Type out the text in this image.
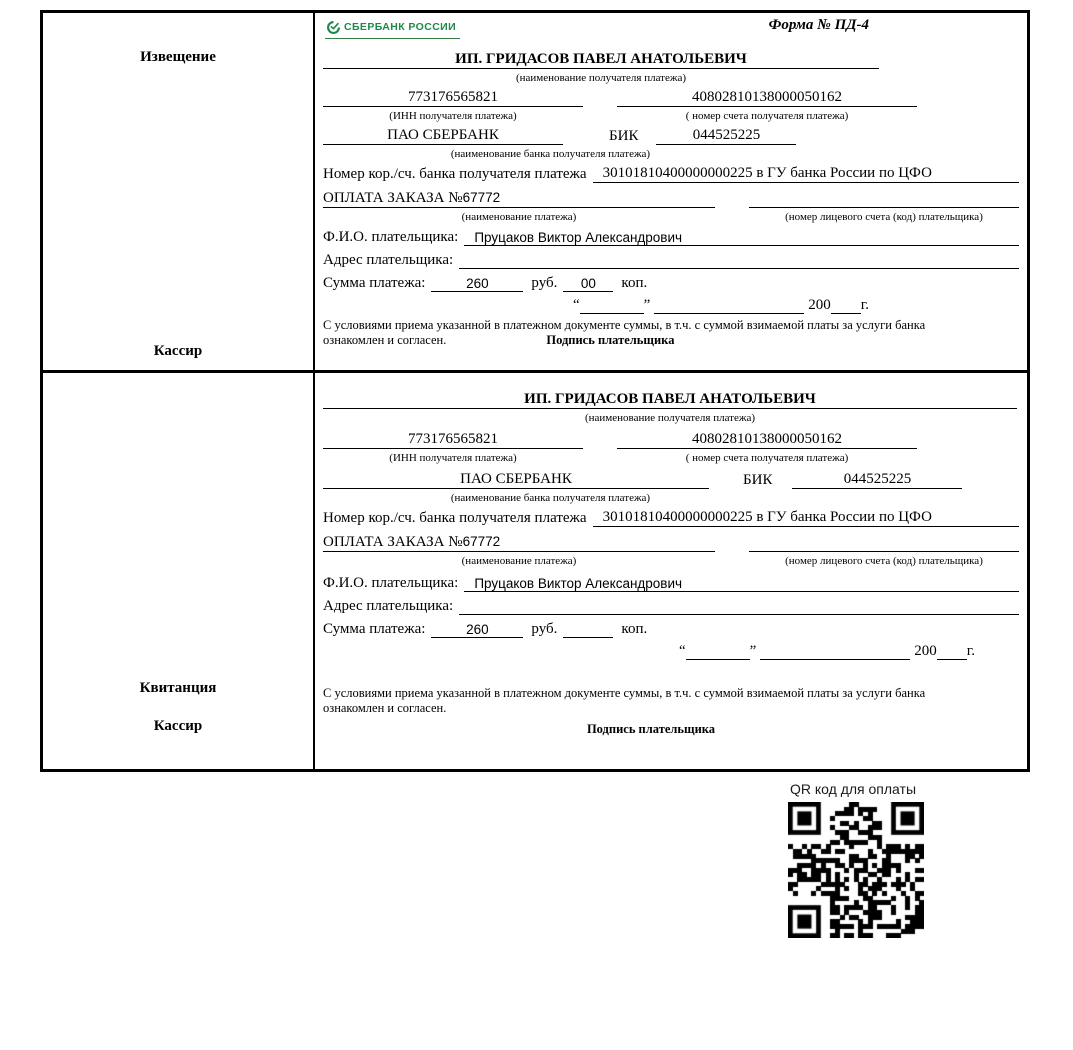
Извещение
Кассир
СБЕРБАНК РОССИИ	Форма № ПД-4
ИП. ГРИДАСОВ ПАВЕЛ АНАТОЛЬЕВИЧ
(наименование получателя платежа)
773176565821	40802810138000050162
(ИНН получателя платежа)	( номер счета получателя платежа)
ПАО СБЕРБАНК	БИК	044525225
(наименование банка получателя платежа)
Номер кор./сч. банка получателя платежа	30101810400000000225 в ГУ банка России по ЦФО
ОПЛАТА ЗАКАЗА №67772
(наименование платежа)	(номер лицевого счета (код) плательщика)
Ф.И.О. плательщика:	Пруцаков Виктор Александрович
Адрес плательщика:
Сумма платежа:	260	руб.	00	коп.
“	”	200 г.
С условиями приема указанной в платежном документе суммы, в т.ч. с суммой взимаемой платы за услуги банка
ознакомлен и согласен.	Подпись плательщика
Квитанция
Кассир
ИП. ГРИДАСОВ ПАВЕЛ АНАТОЛЬЕВИЧ
(наименование получателя платежа)
773176565821	40802810138000050162
(ИНН получателя платежа)	( номер счета получателя платежа)
ПАО СБЕРБАНК	БИК	044525225
(наименование банка получателя платежа)
Номер кор./сч. банка получателя платежа	30101810400000000225 в ГУ банка России по ЦФО
ОПЛАТА ЗАКАЗА №67772
(наименование платежа)	(номер лицевого счета (код) плательщика)
Ф.И.О. плательщика:	Пруцаков Виктор Александрович
Адрес плательщика:
Сумма платежа:	260	руб.	коп.
“	”	200 г.
С условиями приема указанной в платежном документе суммы, в т.ч. с суммой взимаемой платы за услуги банка
ознакомлен и согласен.
Подпись плательщика
QR код для оплаты
